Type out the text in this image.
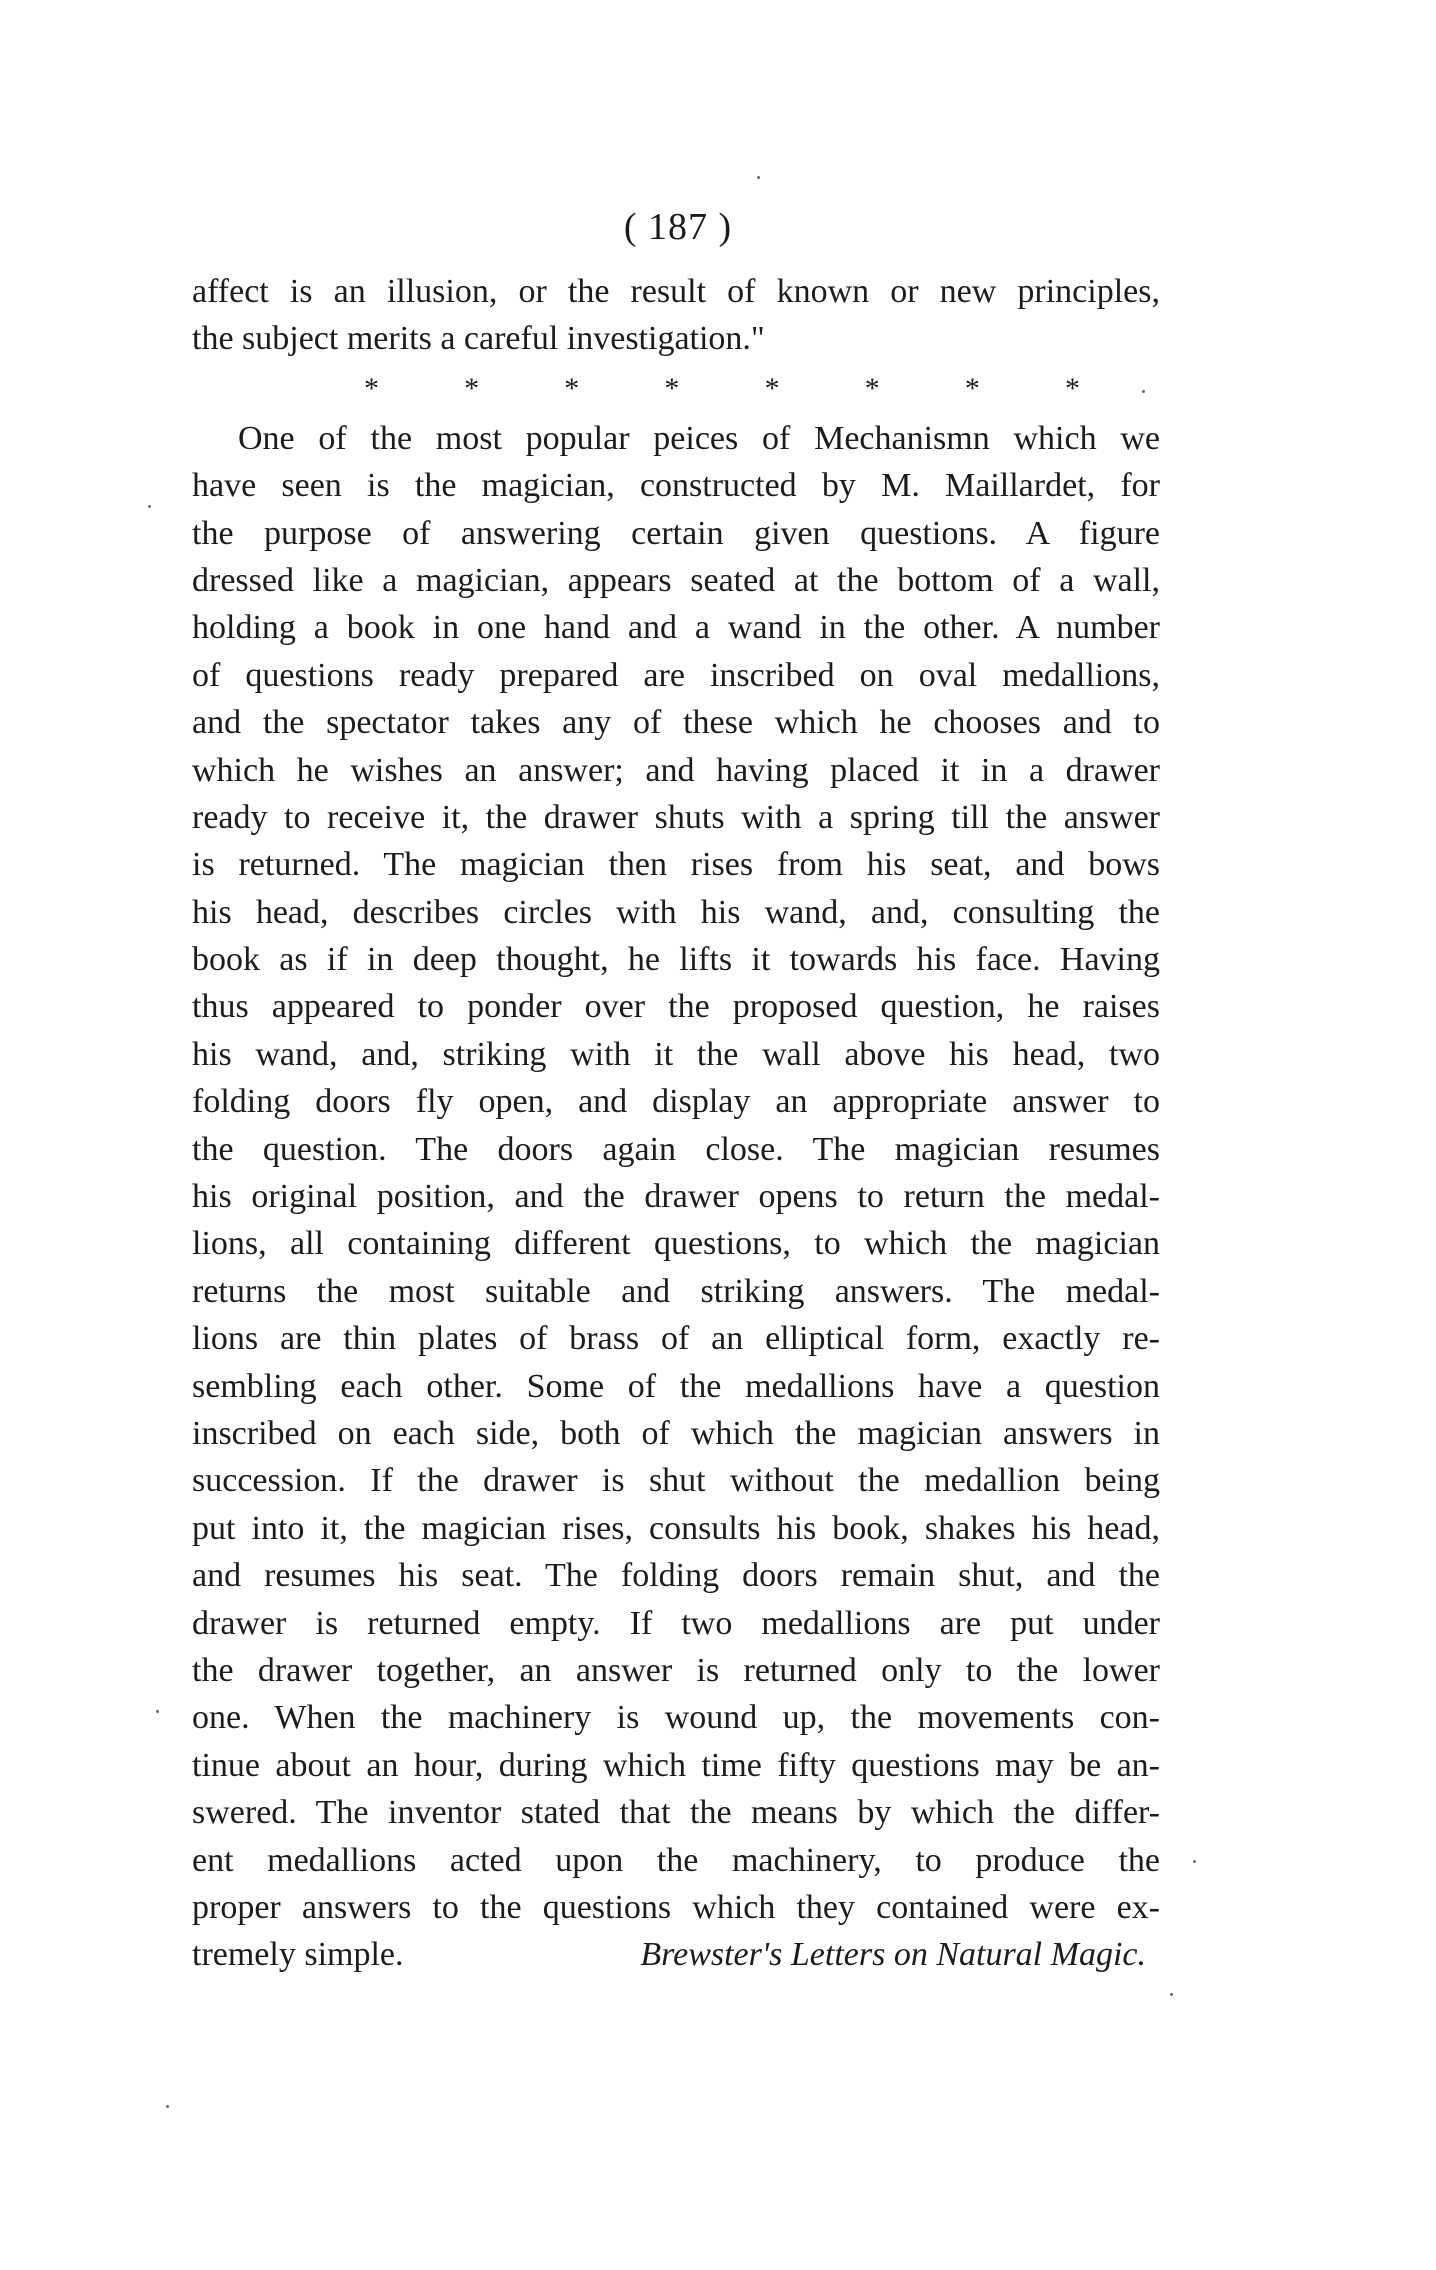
( 187 )
affect is an illusion, or the result of known or new principles,
the subject merits a careful investigation."
*	*	*	*	*	*	*	*
One of the most popular peices of Mechanismn which we
have seen is the magician, constructed by M. Maillardet, for
the purpose of answering certain given questions. A figure
dressed like a magician, appears seated at the bottom of a wall,
holding a book in one hand and a wand in the other. A number
of questions ready prepared are inscribed on oval medallions,
and the spectator takes any of these which he chooses and to
which he wishes an answer; and having placed it in a drawer
ready to receive it, the drawer shuts with a spring till the answer
is returned. The magician then rises from his seat, and bows
his head, describes circles with his wand, and, consulting the
book as if in deep thought, he lifts it towards his face. Having
thus appeared to ponder over the proposed question, he raises
his wand, and, striking with it the wall above his head, two
folding doors fly open, and display an appropriate answer to
the question. The doors again close. The magician resumes
his original position, and the drawer opens to return the medal-
lions, all containing different questions, to which the magician
returns the most suitable and striking answers. The medal-
lions are thin plates of brass of an elliptical form, exactly re-
sembling each other. Some of the medallions have a question
inscribed on each side, both of which the magician answers in
succession. If the drawer is shut without the medallion being
put into it, the magician rises, consults his book, shakes his head,
and resumes his seat. The folding doors remain shut, and the
drawer is returned empty. If two medallions are put under
the drawer together, an answer is returned only to the lower
one. When the machinery is wound up, the movements con-
tinue about an hour, during which time fifty questions may be an-
swered. The inventor stated that the means by which the differ-
ent medallions acted upon the machinery, to produce the
proper answers to the questions which they contained were ex-
tremely simple.	Brewster's Letters on Natural Magic.
